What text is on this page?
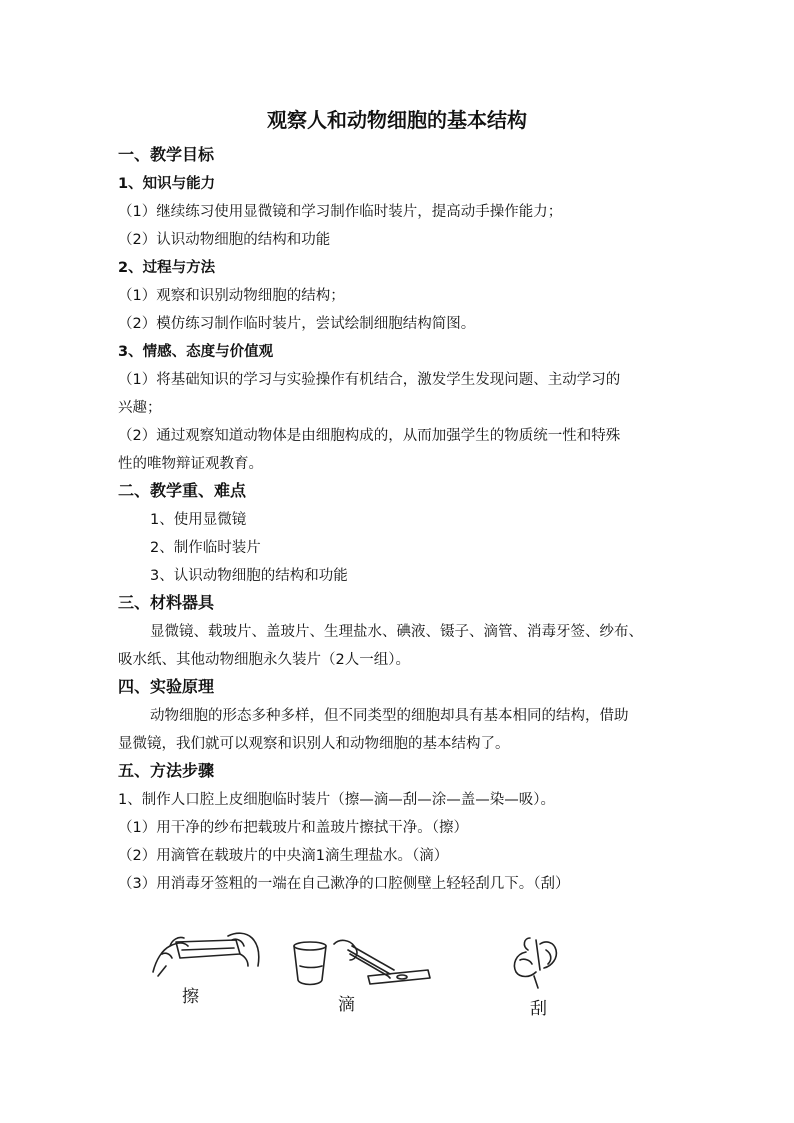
观察人和动物细胞的基本结构
一、教学目标
1、知识与能力
（1）继续练习使用显微镜和学习制作临时装片，提高动手操作能力；
（2）认识动物细胞的结构和功能
2、过程与方法
（1）观察和识别动物细胞的结构；
（2）模仿练习制作临时装片，尝试绘制细胞结构简图。
3、情感、态度与价值观
（1）将基础知识的学习与实验操作有机结合，激发学生发现问题、主动学习的
兴趣；
（2）通过观察知道动物体是由细胞构成的，从而加强学生的物质统一性和特殊
性的唯物辩证观教育。
二、教学重、难点
1、使用显微镜
2、制作临时装片
3、认识动物细胞的结构和功能
三、材料器具
显微镜、载玻片、盖玻片、生理盐水、碘液、镊子、滴管、消毒牙签、纱布、
吸水纸、其他动物细胞永久装片（2人一组）。
四、实验原理
动物细胞的形态多种多样，但不同类型的细胞却具有基本相同的结构，借助
显微镜，我们就可以观察和识别人和动物细胞的基本结构了。
五、方法步骤
1、制作人口腔上皮细胞临时装片（擦—滴—刮—涂—盖—染—吸）。
（1）用干净的纱布把载玻片和盖玻片擦拭干净。（擦）
（2）用滴管在载玻片的中央滴1滴生理盐水。（滴）
（3）用消毒牙签粗的一端在自己漱净的口腔侧壁上轻轻刮几下。（刮）
擦	滴	刮
